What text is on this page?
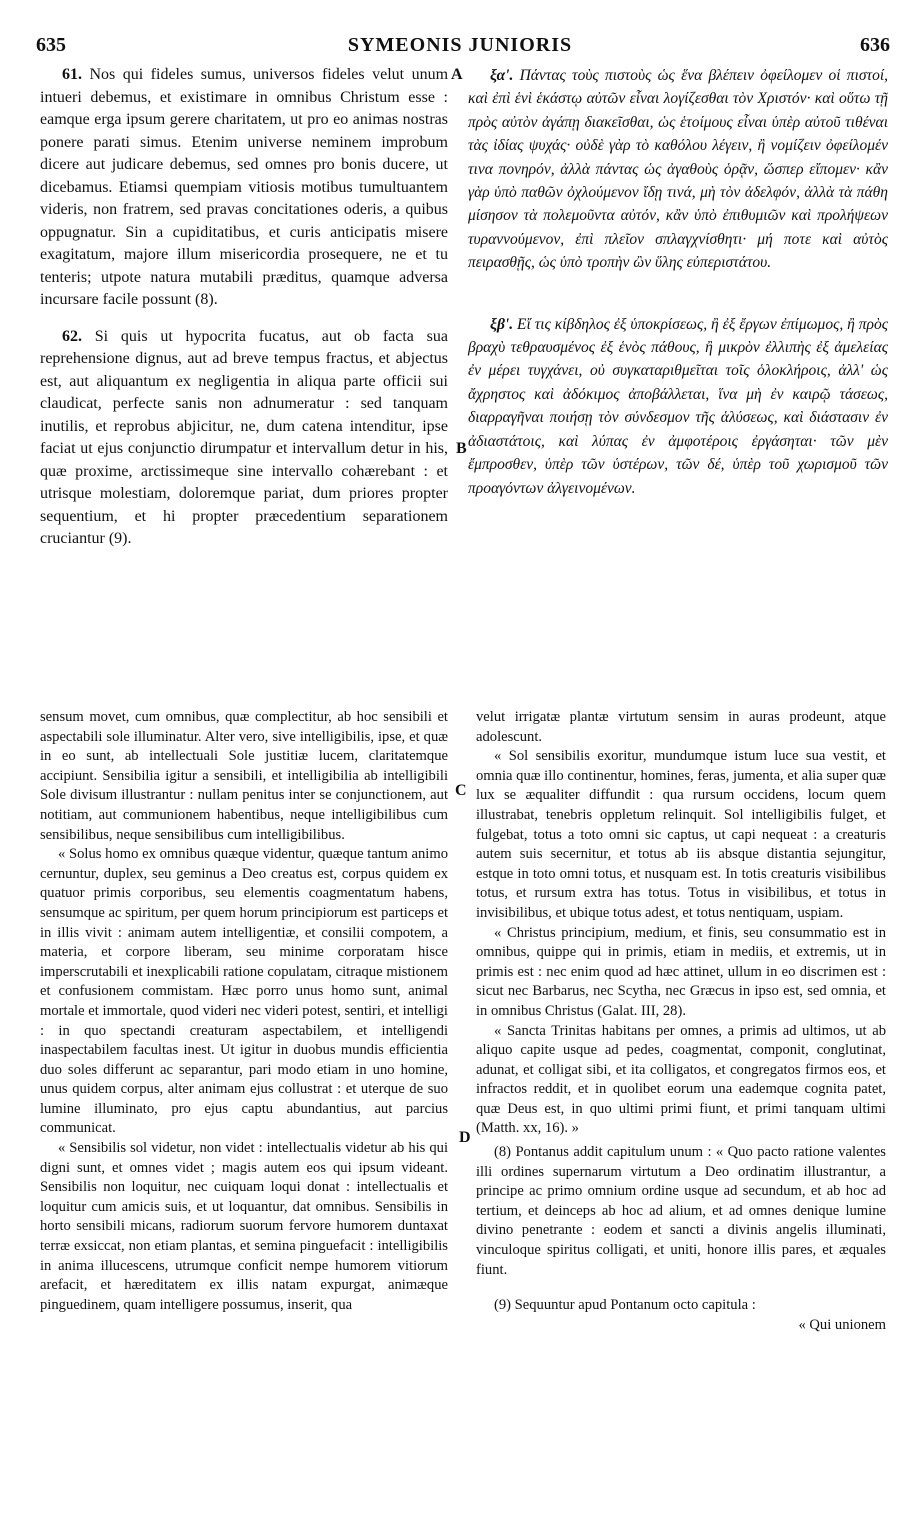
635	SYMEONIS JUNIORIS	636
A
B
C
D

61. Nos qui fideles sumus, universos fideles velut unum intueri debemus, et existimare in omnibus Christum esse : eamque erga ipsum gerere charitatem, ut pro eo animas nostras ponere parati simus. Etenim universe neminem improbum dicere aut judicare debemus, sed omnes pro bonis ducere, ut dicebamus. Etiamsi quempiam vitiosis motibus tumultuantem videris, non fratrem, sed pravas concitationes oderis, a quibus oppugnatur. Sin a cupiditatibus, et curis anticipatis misere exagitatum, majore illum misericordia prosequere, ne et tu tenteris; utpote natura mutabili præditus, quamque adversa incursare facile possunt (8).

62. Si quis ut hypocrita fucatus, aut ob facta sua reprehensione dignus, aut ad breve tempus fractus, et abjectus est, aut aliquantum ex negligentia in aliqua parte officii sui claudicat, perfecte sanis non adnumeratur : sed tanquam inutilis, et reprobus abjicitur, ne, dum catena intenditur, ipse faciat ut ejus conjunctio dirumpatur et intervallum detur in his, quæ proxime, arctissimeque sine intervallo cohærebant : et utrisque molestiam, doloremque pariat, dum priores propter sequentium, et hi propter præcedentium separationem cruciantur (9).

ξα'. Πάντας τοὺς πιστοὺς ὡς ἕνα βλέπειν ὀφείλομεν οἱ πιστοί, καὶ ἐπὶ ἑνὶ ἑκάστῳ αὐτῶν εἶναι λογίζεσθαι τὸν Χριστόν· καὶ οὕτω τῇ πρὸς αὐτὸν ἀγάπῃ διακεῖσθαι, ὡς ἑτοίμους εἶναι ὑπὲρ αὐτοῦ τιθέναι τὰς ἰδίας ψυχάς· οὐδὲ γὰρ τὸ καθόλου λέγειν, ἢ νομίζειν ὀφείλομέν τινα πονηρόν, ἀλλὰ πάντας ὡς ἀγαθοὺς ὁρᾷν, ὥσπερ εἴπομεν· κἂν γὰρ ὑπὸ παθῶν ὀχλούμενον ἴδῃ τινά, μὴ τὸν ἀδελφόν, ἀλλὰ τὰ πάθη μίσησον τὰ πολεμοῦντα αὐτόν, κἂν ὑπὸ ἐπιθυμιῶν καὶ προλήψεων τυραννούμενον, ἐπὶ πλεῖον σπλαγχνίσθητι· μή ποτε καὶ αὐτὸς πειρασθῇς, ὡς ὑπὸ τροπὴν ὢν ὕλης εὐπεριστάτου.

ξβ'. Εἴ τις κίβδηλος ἐξ ὑποκρίσεως, ἢ ἐξ ἔργων ἐπίμωμος, ἢ πρὸς βραχὺ τεθραυσμένος ἐξ ἑνὸς πάθους, ἢ μικρὸν ἐλλιπὴς ἐξ ἀμελείας ἐν μέρει τυγχάνει, οὐ συγκαταριθμεῖται τοῖς ὁλοκλήροις, ἀλλ' ὡς ἄχρηστος καὶ ἀδόκιμος ἀποβάλλεται, ἵνα μὴ ἐν καιρῷ τάσεως, διαρραγῆναι ποιήσῃ τὸν σύνδεσμον τῆς ἁλύσεως, καὶ διάστασιν ἐν ἀδιαστάτοις, καὶ λύπας ἐν ἀμφοτέροις ἐργάσηται· τῶν μὲν ἔμπροσθεν, ὑπὲρ τῶν ὑστέρων, τῶν δέ, ὑπὲρ τοῦ χωρισμοῦ τῶν προαγόντων ἀλγεινομένων.

sensum movet, cum omnibus, quæ complectitur, ab hoc sensibili et aspectabili sole illuminatur. Alter vero, sive intelligibilis, ipse, et quæ in eo sunt, ab intellectuali Sole justitiæ lucem, claritatemque accipiunt. Sensibilia igitur a sensibili, et intelligibilia ab intelligibili Sole divisum illustrantur : nullam penitus inter se conjunctionem, aut notitiam, aut communionem habentibus, neque intelligibilibus cum sensibilibus, neque sensibilibus cum intelligibilibus.

« Solus homo ex omnibus quæque videntur, quæque tantum animo cernuntur, duplex, seu geminus a Deo creatus est, corpus quidem ex quatuor primis corporibus, seu elementis coagmentatum habens, sensumque ac spiritum, per quem horum principiorum est particeps et in illis vivit : animam autem intelligentiæ, et consilii compotem, a materia, et corpore liberam, seu minime corporatam hisce imperscrutabili et inexplicabili ratione copulatam, citraque mistionem et confusionem commistam. Hæc porro unus homo sunt, animal mortale et immortale, quod videri nec videri potest, sentiri, et intelligi : in quo spectandi creaturam aspectabilem, et intelligendi inaspectabilem facultas inest. Ut igitur in duobus mundis efficientia duo soles differunt ac separantur, pari modo etiam in uno homine, unus quidem corpus, alter animam ejus collustrat : et uterque de suo lumine illuminato, pro ejus captu abundantius, aut parcius communicat.

« Sensibilis sol videtur, non videt : intellectualis videtur ab his qui digni sunt, et omnes videt ; magis autem eos qui ipsum videant. Sensibilis non loquitur, nec cuiquam loqui donat : intellectualis et loquitur cum amicis suis, et ut loquantur, dat omnibus. Sensibilis in horto sensibili micans, radiorum suorum fervore humorem duntaxat terræ exsiccat, non etiam plantas, et semina pinguefacit : intelligibilis in anima illucescens, utrumque conficit nempe humorem vitiorum arefacit, et hæreditatem ex illis natam expurgat, animæque pinguedinem, quam intelligere possumus, inserit, qua

velut irrigatæ plantæ virtutum sensim in auras prodeunt, atque adolescunt.

« Sol sensibilis exoritur, mundumque istum luce sua vestit, et omnia quæ illo continentur, homines, feras, jumenta, et alia super quæ lux se æqualiter diffundit : qua rursum occidens, locum quem illustrabat, tenebris oppletum relinquit. Sol intelligibilis fulget, et fulgebat, totus a toto omni sic captus, ut capi nequeat : a creaturis autem suis secernitur, et totus ab iis absque distantia sejungitur, estque in toto omni totus, et nusquam est. In totis creaturis visibilibus totus, et rursum extra has totus. Totus in visibilibus, et totus in invisibilibus, et ubique totus adest, et totus nentiquam, uspiam.

« Christus principium, medium, et finis, seu consummatio est in omnibus, quippe qui in primis, etiam in mediis, et extremis, ut in primis est : nec enim quod ad hæc attinet, ullum in eo discrimen est : sicut nec Barbarus, nec Scytha, nec Græcus in ipso est, sed omnia, et in omnibus Christus (Galat. III, 28).

« Sancta Trinitas habitans per omnes, a primis ad ultimos, ut ab aliquo capite usque ad pedes, coagmentat, componit, conglutinat, adunat, et colligat sibi, et ita colligatos, et congregatos firmos eos, et infractos reddit, et in quolibet eorum una eademque cognita patet, quæ Deus est, in quo ultimi primi fiunt, et primi tanquam ultimi (Matth. xx, 16). »

(8) Pontanus addit capitulum unum : « Quo pacto ratione valentes illi ordines supernarum virtutum a Deo ordinatim illustrantur, a principe ac primo omnium ordine usque ad secundum, et ab hoc ad tertium, et deinceps ab hoc ad alium, et ad omnes denique lumine divino penetrante : eodem et sancti a divinis angelis illuminati, vinculoque spiritus colligati, et uniti, honore illis pares, et æquales fiunt.

(9) Sequuntur apud Pontanum octo capitula :

« Qui unionem
